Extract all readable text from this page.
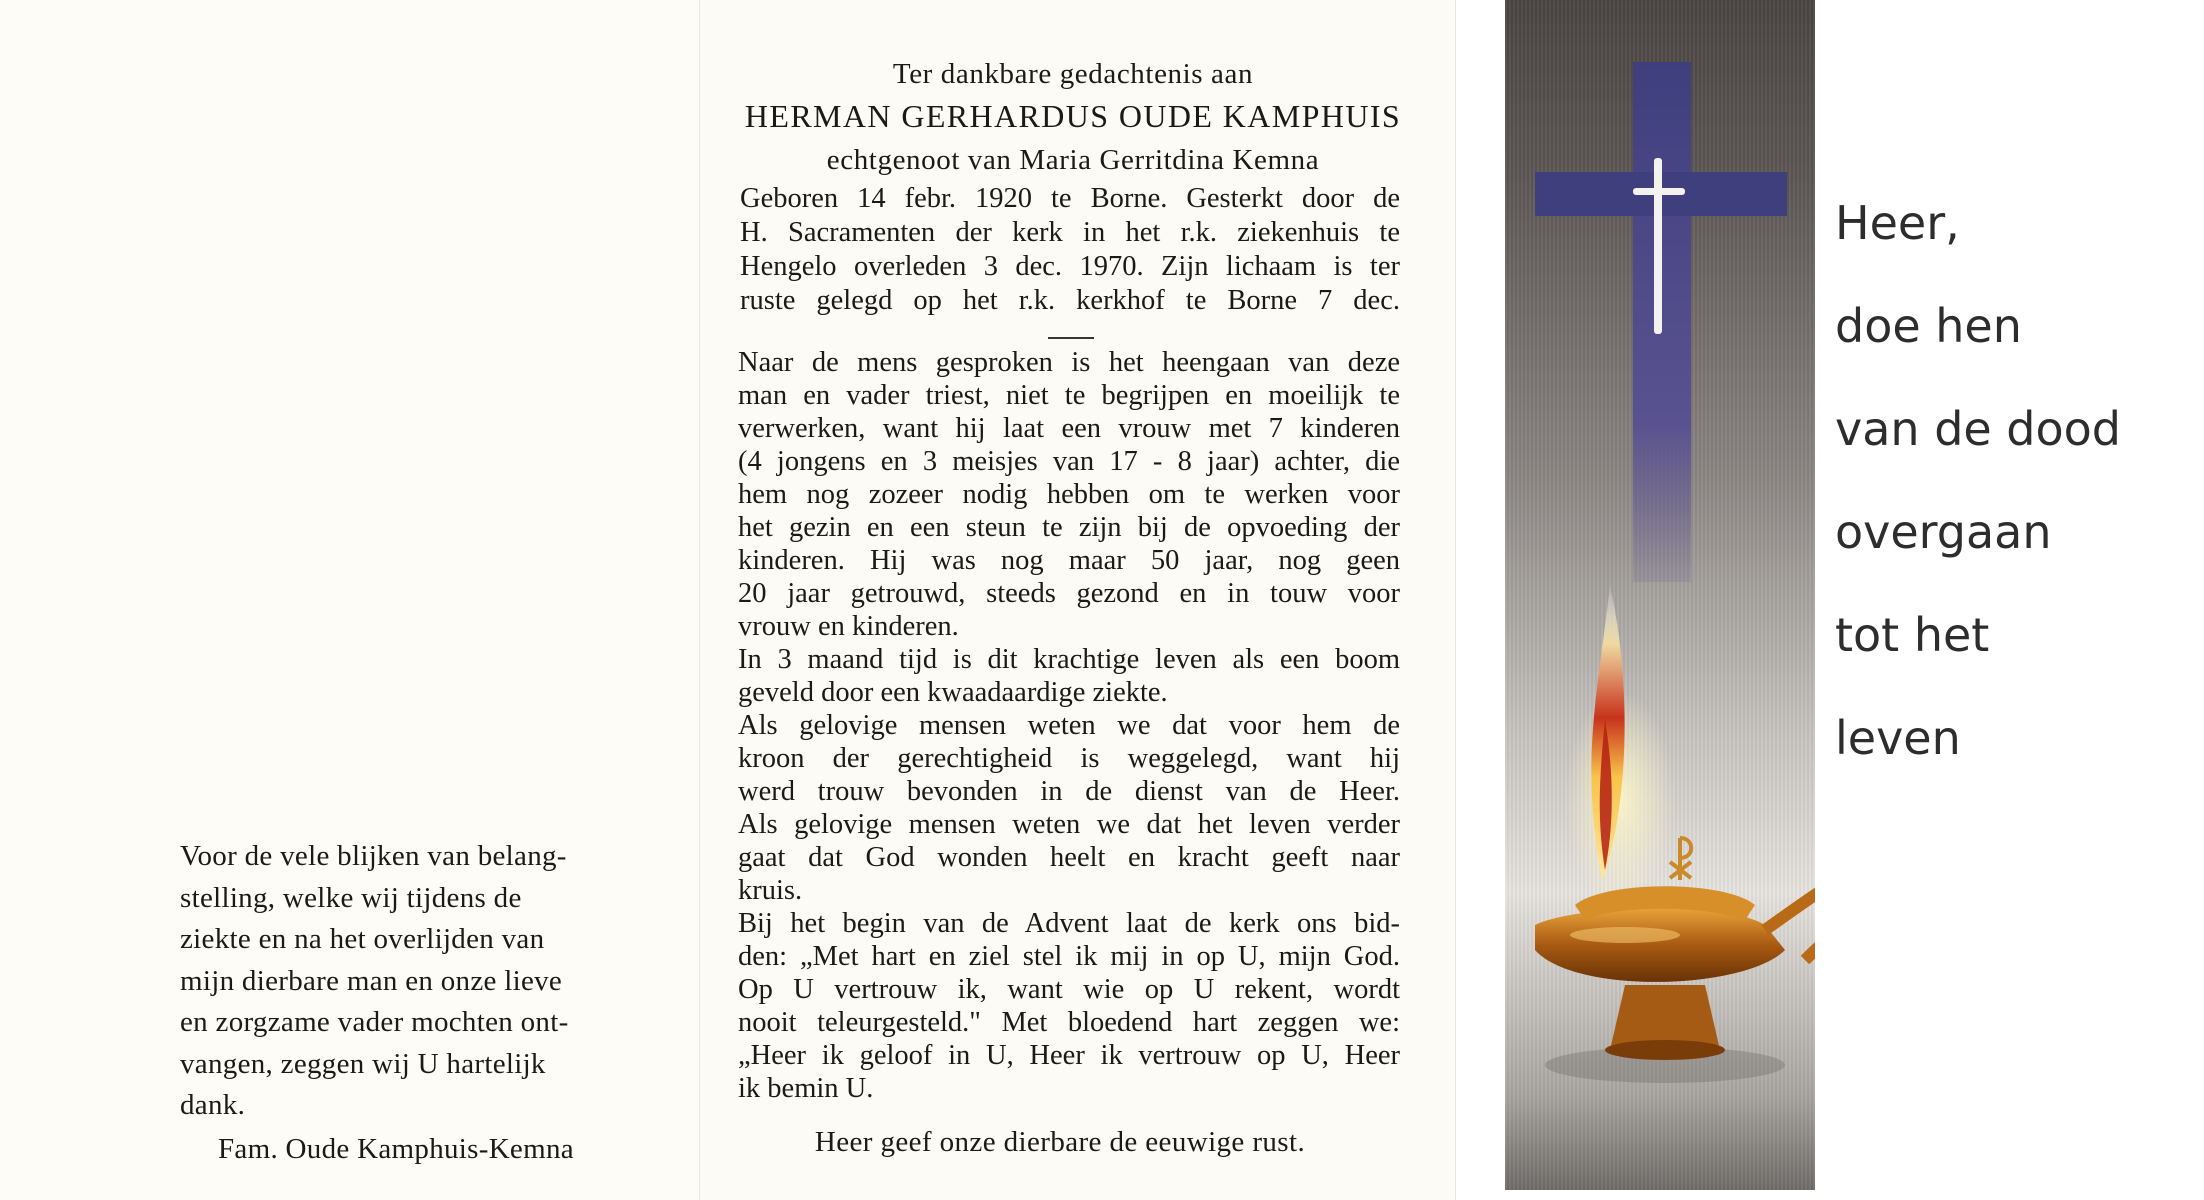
Voor de vele blijken van belang-
stelling, welke wij tijdens de
ziekte en na het overlijden van
mijn dierbare man en onze lieve
en zorgzame vader mochten ont-
vangen, zeggen wij U hartelijk
dank.
Fam. Oude Kamphuis-Kemna
Ter dankbare gedachtenis aan
HERMAN GERHARDUS OUDE KAMPHUIS
echtgenoot van Maria Gerritdina Kemna
Geboren 14 febr. 1920 te Borne. Gesterkt door de
H. Sacramenten der kerk in het r.k. ziekenhuis te
Hengelo overleden 3 dec. 1970. Zijn lichaam is ter
ruste gelegd op het r.k. kerkhof te Borne 7 dec.
Naar de mens gesproken is het heengaan van deze
man en vader triest, niet te begrijpen en moeilijk te
verwerken, want hij laat een vrouw met 7 kinderen
(4 jongens en 3 meisjes van 17 - 8 jaar) achter, die
hem nog zozeer nodig hebben om te werken voor
het gezin en een steun te zijn bij de opvoeding der
kinderen. Hij was nog maar 50 jaar, nog geen
20 jaar getrouwd, steeds gezond en in touw voor
vrouw en kinderen.
In 3 maand tijd is dit krachtige leven als een boom
geveld door een kwaadaardige ziekte.
Als gelovige mensen weten we dat voor hem de
kroon der gerechtigheid is weggelegd, want hij
werd trouw bevonden in de dienst van de Heer.
Als gelovige mensen weten we dat het leven verder
gaat dat God wonden heelt en kracht geeft naar
kruis.
Bij het begin van de Advent laat de kerk ons bid-
den: „Met hart en ziel stel ik mij in op U, mijn God.
Op U vertrouw ik, want wie op U rekent, wordt
nooit teleurgesteld." Met bloedend hart zeggen we:
„Heer ik geloof in U, Heer ik vertrouw op U, Heer
ik bemin U.
Heer geef onze dierbare de eeuwige rust.
Heer,
doe hen
van de dood
overgaan
tot het
leven
